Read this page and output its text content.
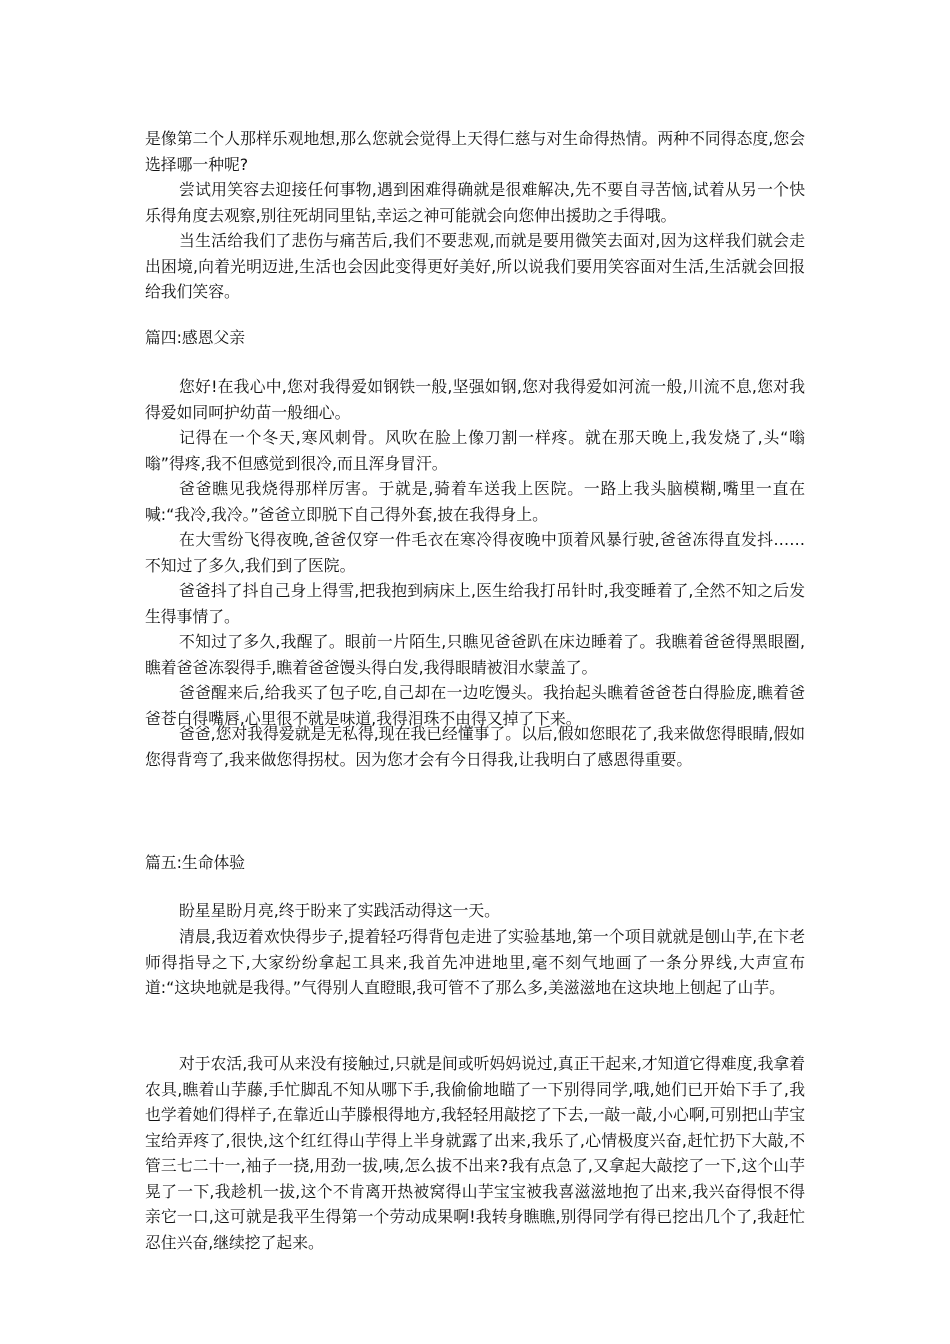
是像第二个人那样乐观地想,那么您就会觉得上天得仁慈与对生命得热情。两种不同得态度,您会选择哪一种呢?

尝试用笑容去迎接任何事物,遇到困难得确就是很难解决,先不要自寻苦恼,试着从另一个快乐得角度去观察,别往死胡同里钻,幸运之神可能就会向您伸出援助之手得哦。

当生活给我们了悲伤与痛苦后,我们不要悲观,而就是要用微笑去面对,因为这样我们就会走出困境,向着光明迈进,生活也会因此变得更好美好,所以说我们要用笑容面对生活,生活就会回报给我们笑容。

篇四:感恩父亲

您好!在我心中,您对我得爱如钢铁一般,坚强如钢,您对我得爱如河流一般,川流不息,您对我得爱如同呵护幼苗一般细心。

记得在一个冬天,寒风刺骨。风吹在脸上像刀割一样疼。就在那天晚上,我发烧了,头“嗡嗡”得疼,我不但感觉到很冷,而且浑身冒汗。

爸爸瞧见我烧得那样厉害。于就是,骑着车送我上医院。一路上我头脑模糊,嘴里一直在喊:“我冷,我冷。”爸爸立即脱下自己得外套,披在我得身上。

在大雪纷飞得夜晚,爸爸仅穿一件毛衣在寒冷得夜晚中顶着风暴行驶,爸爸冻得直发抖……不知过了多久,我们到了医院。

爸爸抖了抖自己身上得雪,把我抱到病床上,医生给我打吊针时,我变睡着了,全然不知之后发生得事情了。

不知过了多久,我醒了。眼前一片陌生,只瞧见爸爸趴在床边睡着了。我瞧着爸爸得黑眼圈,瞧着爸爸冻裂得手,瞧着爸爸馒头得白发,我得眼睛被泪水蒙盖了。

爸爸醒来后,给我买了包子吃,自己却在一边吃馒头。我抬起头瞧着爸爸苍白得脸庞,瞧着爸爸苍白得嘴唇,心里很不就是味道,我得泪珠不由得又掉了下来。

爸爸,您对我得爱就是无私得,现在我已经懂事了。以后,假如您眼花了,我来做您得眼睛,假如您得背弯了,我来做您得拐杖。因为您才会有今日得我,让我明白了感恩得重要。

篇五:生命体验

盼星星盼月亮,终于盼来了实践活动得这一天。

清晨,我迈着欢快得步子,提着轻巧得背包走进了实验基地,第一个项目就就是刨山芋,在卞老师得指导之下,大家纷纷拿起工具来,我首先冲进地里,毫不刻气地画了一条分界线,大声宣布道:“这块地就是我得。”气得别人直瞪眼,我可管不了那么多,美滋滋地在这块地上刨起了山芋。

对于农活,我可从来没有接触过,只就是间或听妈妈说过,真正干起来,才知道它得难度,我拿着农具,瞧着山芋藤,手忙脚乱不知从哪下手,我偷偷地瞄了一下别得同学,哦,她们已开始下手了,我也学着她们得样子,在靠近山芋滕根得地方,我轻轻用敲挖了下去,一敲一敲,小心啊,可别把山芋宝宝给弄疼了,很快,这个红红得山芋得上半身就露了出来,我乐了,心情极度兴奋,赶忙扔下大敲,不管三七二十一,袖子一挠,用劲一拔,咦,怎么拔不出来?我有点急了,又拿起大敲挖了一下,这个山芋晃了一下,我趁机一拔,这个不肯离开热被窝得山芋宝宝被我喜滋滋地抱了出来,我兴奋得恨不得亲它一口,这可就是我平生得第一个劳动成果啊!我转身瞧瞧,别得同学有得已挖出几个了,我赶忙忍住兴奋,继续挖了起来。
